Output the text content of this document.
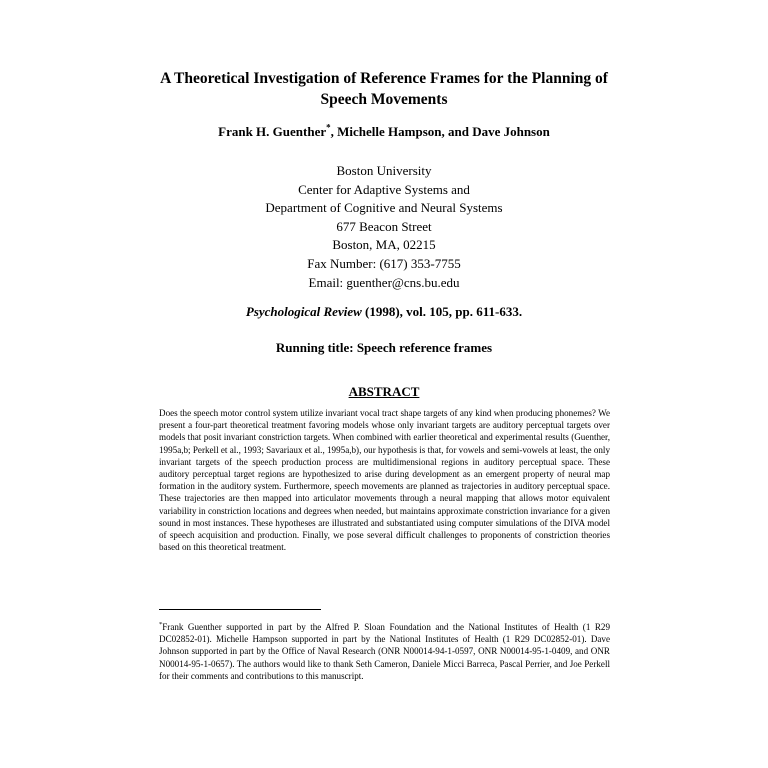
A Theoretical Investigation of Reference Frames for the Planning of
Speech Movements
Frank H. Guenther*, Michelle Hampson, and Dave Johnson
Boston University
Center for Adaptive Systems and
Department of Cognitive and Neural Systems
677 Beacon Street
Boston, MA, 02215
Fax Number: (617) 353-7755
Email: guenther@cns.bu.edu
Psychological Review (1998), vol. 105, pp. 611-633.
Running title: Speech reference frames
ABSTRACT
Does the speech motor control system utilize invariant vocal tract shape targets of any kind when producing phonemes? We present a four-part theoretical treatment favoring models whose only invariant targets are auditory perceptual targets over models that posit invariant constriction targets. When combined with earlier theoretical and experimental results (Guenther, 1995a,b; Perkell et al., 1993; Savariaux et al., 1995a,b), our hypothesis is that, for vowels and semi-vowels at least, the only invariant targets of the speech production process are multidimensional regions in auditory perceptual space. These auditory perceptual target regions are hypothesized to arise during development as an emergent property of neural map formation in the auditory system. Furthermore, speech movements are planned as trajectories in auditory perceptual space. These trajectories are then mapped into articulator movements through a neural mapping that allows motor equivalent variability in constriction locations and degrees when needed, but maintains approximate constriction invariance for a given sound in most instances. These hypotheses are illustrated and substantiated using computer simulations of the DIVA model of speech acquisition and production. Finally, we pose several difficult challenges to proponents of constriction theories based on this theoretical treatment.
*Frank Guenther supported in part by the Alfred P. Sloan Foundation and the National Institutes of Health (1 R29 DC02852-01). Michelle Hampson supported in part by the National Institutes of Health (1 R29 DC02852-01). Dave Johnson supported in part by the Office of Naval Research (ONR N00014-94-1-0597, ONR N00014-95-1-0409, and ONR N00014-95-1-0657). The authors would like to thank Seth Cameron, Daniele Micci Barreca, Pascal Perrier, and Joe Perkell for their comments and contributions to this manuscript.
